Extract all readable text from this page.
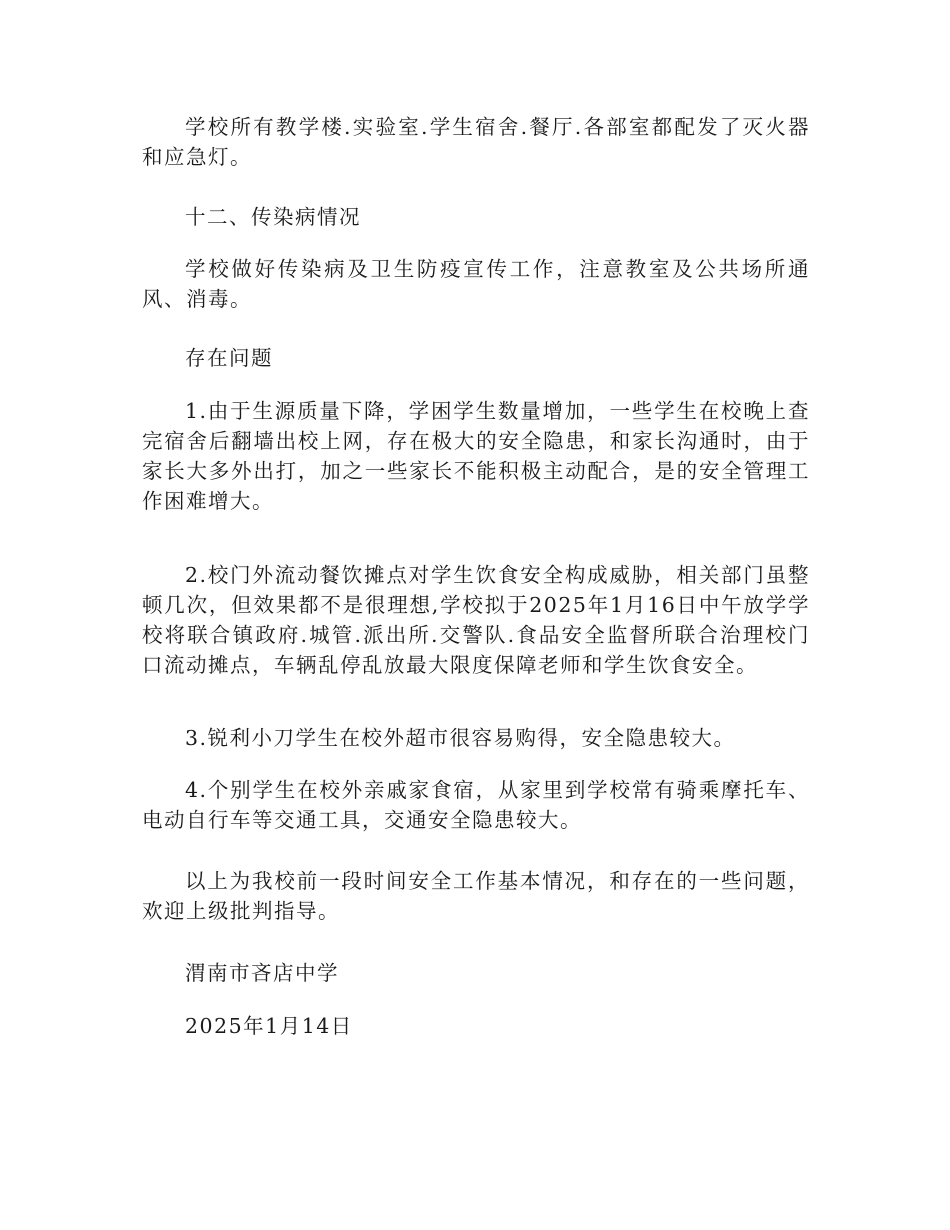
学校所有教学楼.实验室.学生宿舍.餐厅.各部室都配发了灭火器和应急灯。

十二、传染病情况

学校做好传染病及卫生防疫宣传工作，注意教室及公共场所通风、消毒。

存在问题

1.由于生源质量下降，学困学生数量增加，一些学生在校晚上查完宿舍后翻墙出校上网，存在极大的安全隐患，和家长沟通时，由于家长大多外出打，加之一些家长不能积极主动配合，是的安全管理工作困难增大。

2.校门外流动餐饮摊点对学生饮食安全构成威胁，相关部门虽整顿几次，但效果都不是很理想,学校拟于2025年1月16日中午放学学校将联合镇政府.城管.派出所.交警队.食品安全监督所联合治理校门口流动摊点，车辆乱停乱放最大限度保障老师和学生饮食安全。

3.锐利小刀学生在校外超市很容易购得，安全隐患较大。

4.个别学生在校外亲戚家食宿，从家里到学校常有骑乘摩托车、电动自行车等交通工具，交通安全隐患较大。

以上为我校前一段时间安全工作基本情况，和存在的一些问题，欢迎上级批判指导。

渭南市吝店中学

2025年1月14日
